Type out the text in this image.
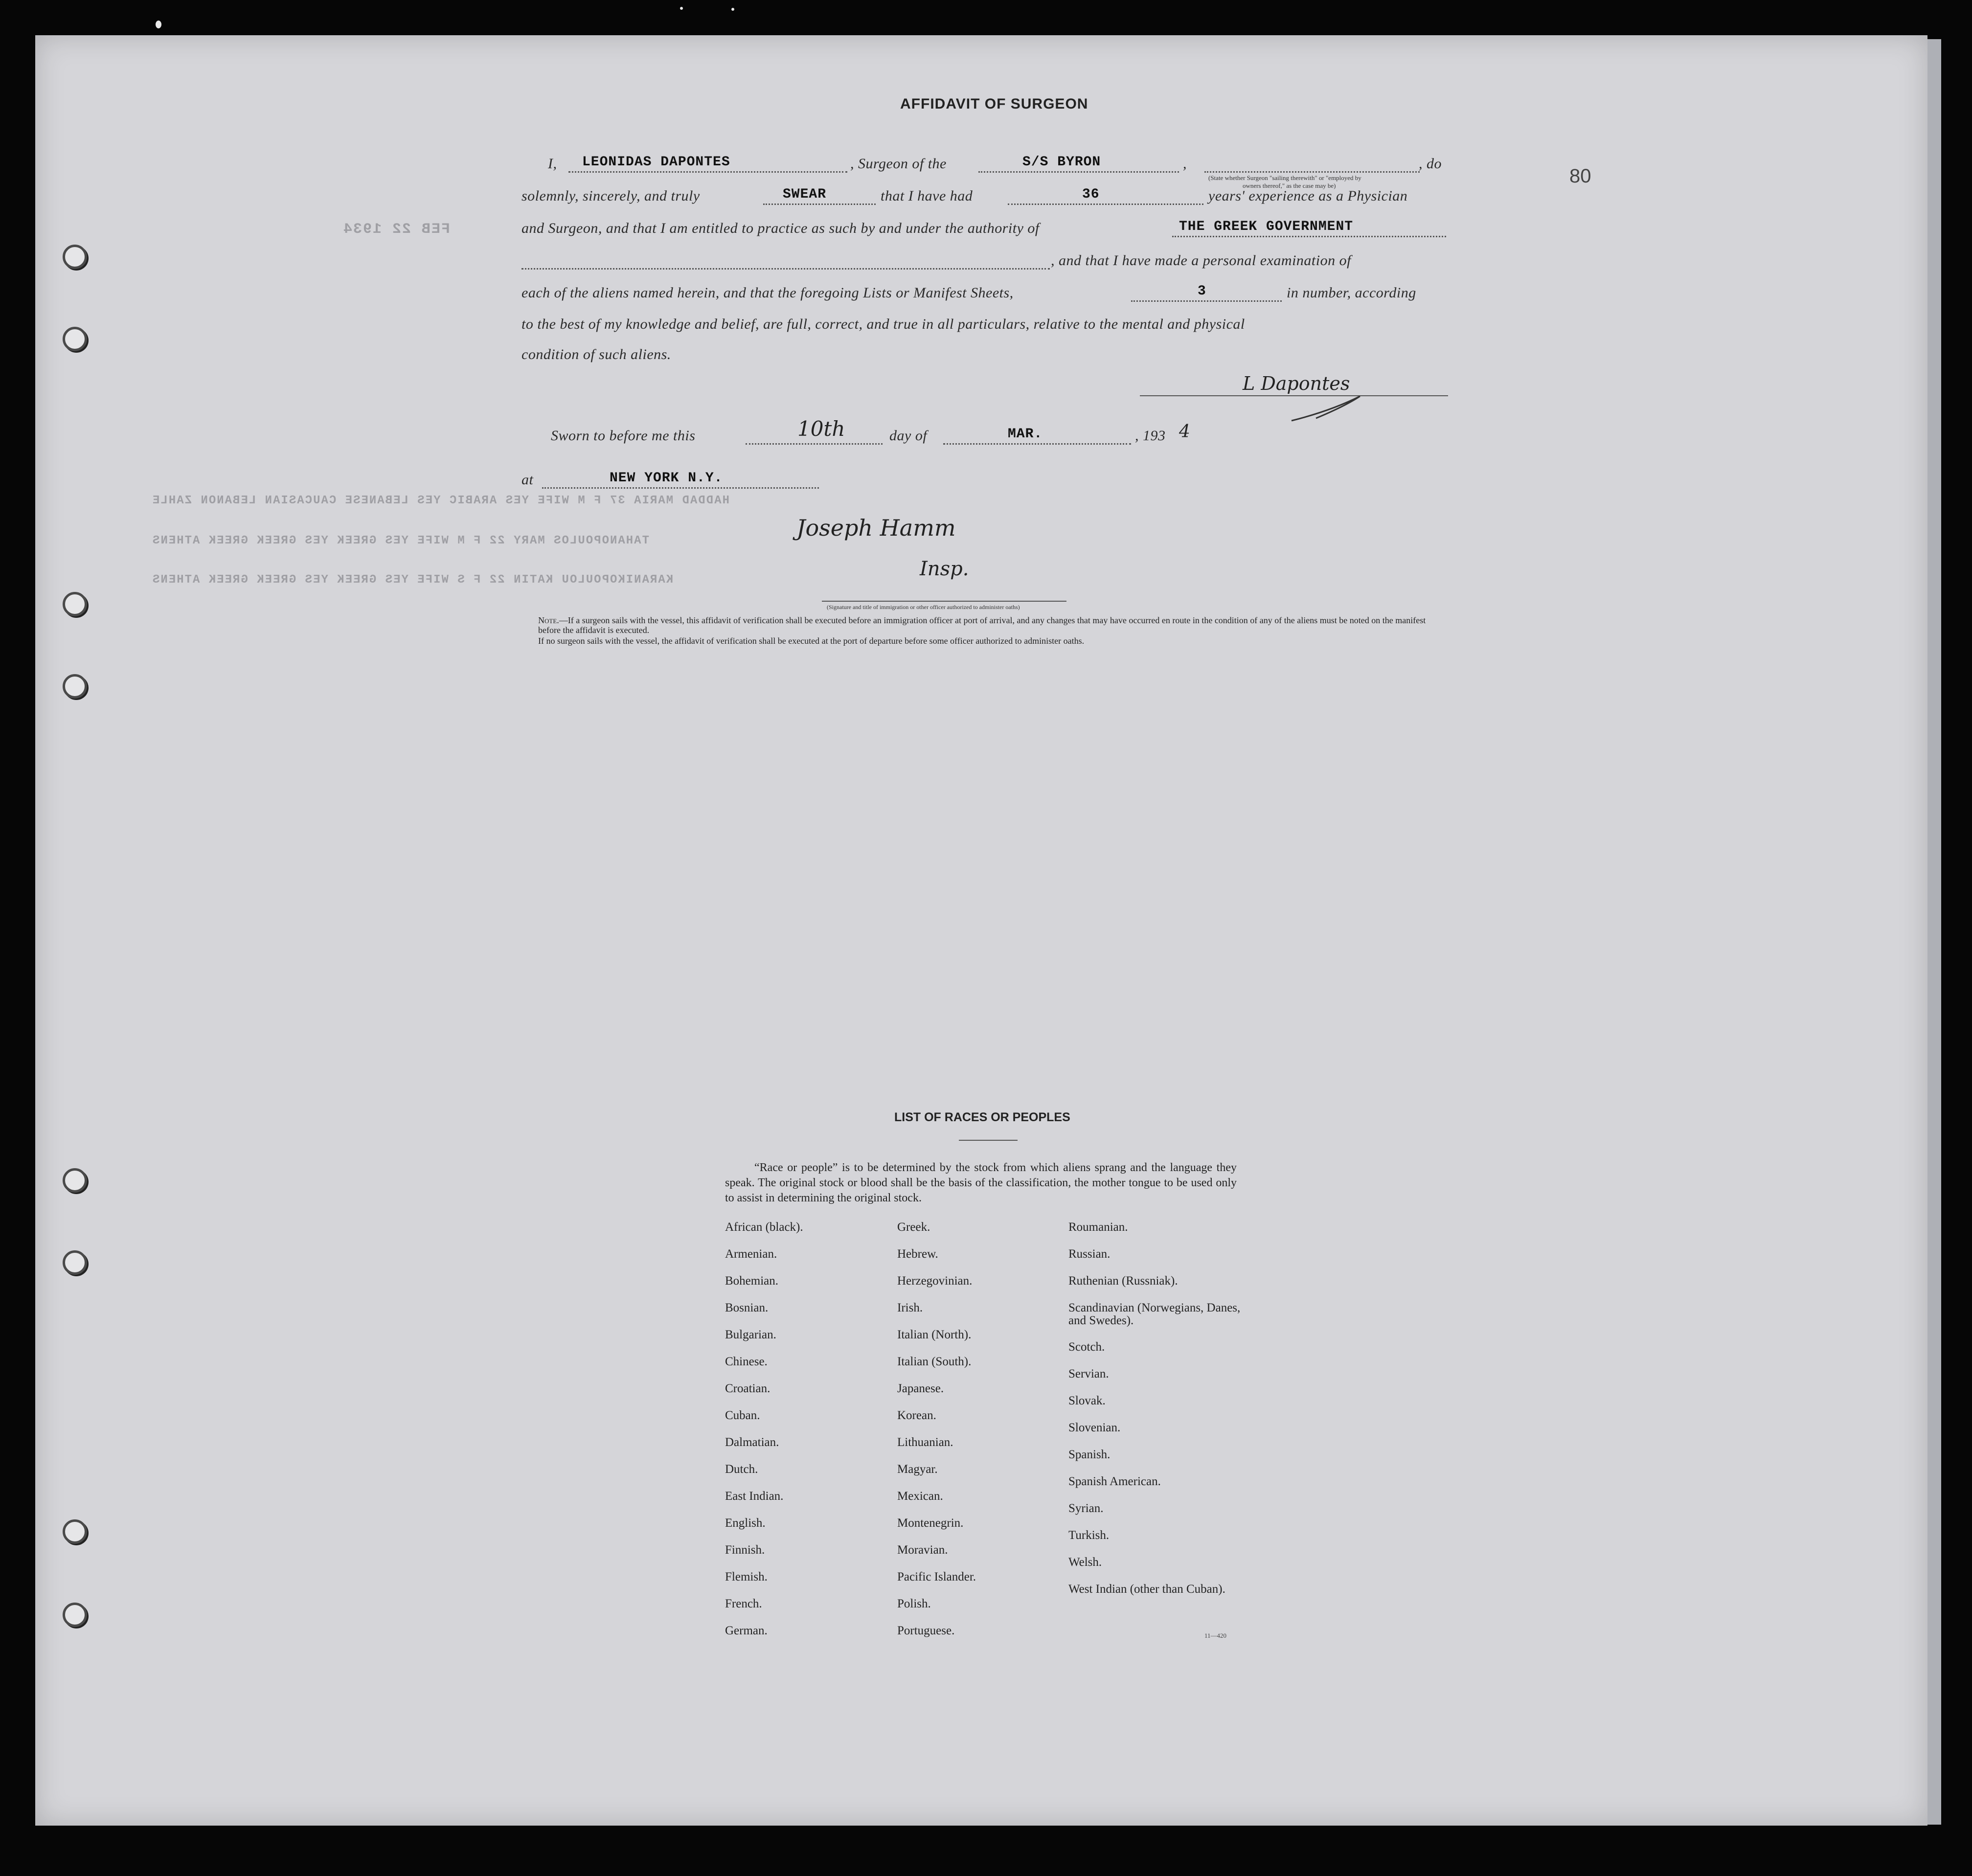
80
FEB 22 1934
AFFIDAVIT OF SURGEON
I, LEONIDAS DAPONTES	, Surgeon of the	S/S BYRON	,
(State whether Surgeon "sailing therewith" or "employed by
owners thereof," as the case may be)
, do
solemnly, sincerely, and truly	SWEAR	that I have had	36	years' experience as a Physician
and Surgeon, and that I am entitled to practice as such by and under the authority of	THE GREEK GOVERNMENT
, and that I have made a personal examination of
each of the aliens named herein, and that the foregoing Lists or Manifest Sheets,	3	in number, according
to the best of my knowledge and belief, are full, correct, and true in all particulars, relative to the mental and physical
condition of such aliens.
L Dapontes
Sworn to before me this	10th	day of	MAR.	, 193 4
at	NEW YORK N.Y.
HADDAD MARIA 37 F M WIFE YES ARABIC YES LEBANESE CAUCASIAN LEBANON ZAHLE
TAHANOPOULOS MARY 22 F M WIFE YES GREEK YES GREEK GREEK ATHENS
KARANIKOPOULOU KATIN 22 F S WIFE YES GREEK YES GREEK GREEK ATHENS
Joseph Hamm
Insp.
(Signature and title of immigration or other officer authorized to administer oaths)
Note.—If a surgeon sails with the vessel, this affidavit of verification shall be executed before an immigration officer at port of arrival, and any changes that may have occurred en route in the condition of any of the aliens must be noted on the manifest before the affidavit is executed.
If no surgeon sails with the vessel, the affidavit of verification shall be executed at the port of departure before some officer authorized to administer oaths.
LIST OF RACES OR PEOPLES
“Race or people” is to be determined by the stock from which aliens sprang and the language they speak. The original stock or blood shall be the basis of the classification, the mother tongue to be used only to assist in determining the original stock.
African (black).
Armenian.
Bohemian.
Bosnian.
Bulgarian.
Chinese.
Croatian.
Cuban.
Dalmatian.
Dutch.
East Indian.
English.
Finnish.
Flemish.
French.
German.
Greek.
Hebrew.
Herzegovinian.
Irish.
Italian (North).
Italian (South).
Japanese.
Korean.
Lithuanian.
Magyar.
Mexican.
Montenegrin.
Moravian.
Pacific Islander.
Polish.
Portuguese.
Roumanian.
Russian.
Ruthenian (Russniak).
Scandinavian (Norwegians, Danes, and Swedes).
Scotch.
Servian.
Slovak.
Slovenian.
Spanish.
Spanish American.
Syrian.
Turkish.
Welsh.
West Indian (other than Cuban).
11—420
